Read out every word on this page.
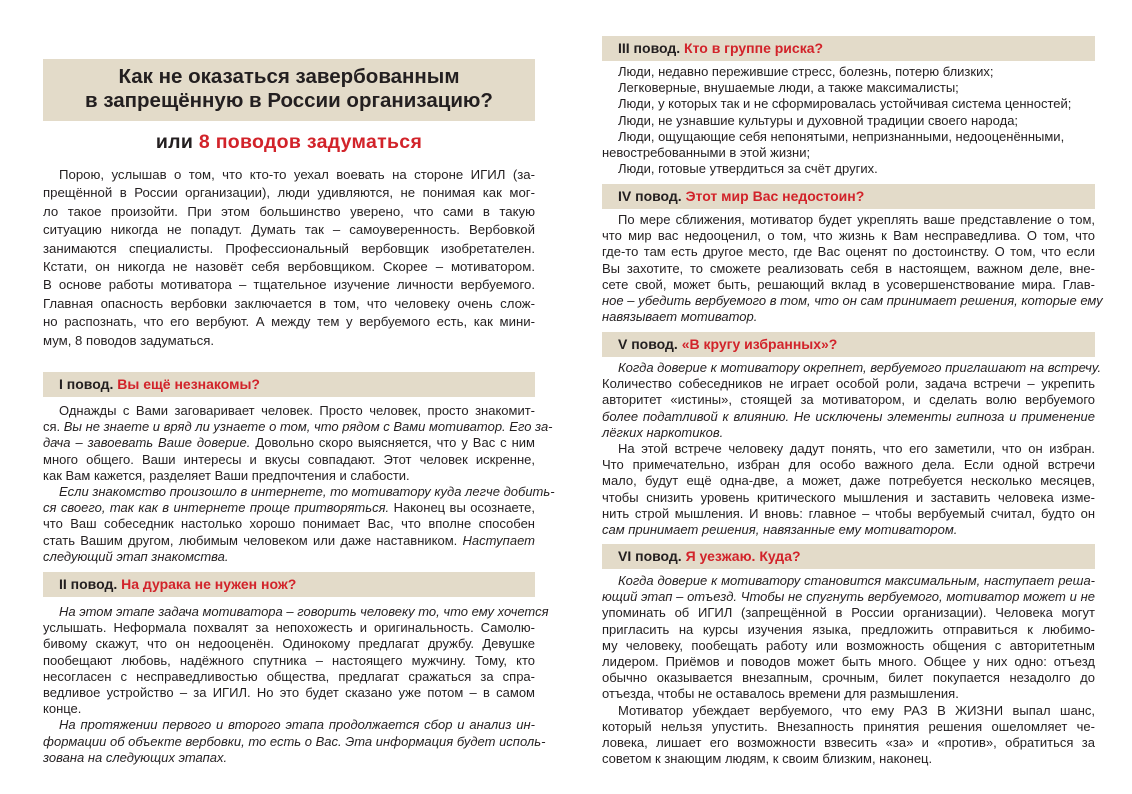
Как не оказаться завербованным
в запрещённую в России организацию?
или 8 поводов задуматься
Порою, услышав о том, что кто-то уехал воевать на стороне ИГИЛ (за-
прещённой в России организации), люди удивляются, не понимая как мог-
ло такое произойти. При этом большинство уверено, что сами в такую
ситуацию никогда не попадут. Думать так – самоуверенность. Вербовкой
занимаются специалисты. Профессиональный вербовщик изобретателен.
Кстати, он никогда не назовёт себя вербовщиком. Скорее – мотиватором.
В основе работы мотиватора – тщательное изучение личности вербуемого.
Главная опасность вербовки заключается в том, что человеку очень слож-
но распознать, что его вербуют. А между тем у вербуемого есть, как мини-
мум, 8 поводов задуматься.
I повод. Вы ещё незнакомы?
Однажды с Вами заговаривает человек. Просто человек, просто знакомит-
ся. Вы не знаете и вряд ли узнаете о том, что рядом с Вами мотиватор. Его за-
дача – завоевать Ваше доверие. Довольно скоро выясняется, что у Вас с ним
много общего. Ваши интересы и вкусы совпадают. Этот человек искренне,
как Вам кажется, разделяет Ваши предпочтения и слабости.
Если знакомство произошло в интернете, то мотиватору куда легче добить-
ся своего, так как в интернете проще притворяться. Наконец вы осознаете,
что Ваш собеседник настолько хорошо понимает Вас, что вполне способен
стать Вашим другом, любимым человеком или даже наставником. Наступает
следующий этап знакомства.
II повод. На дурака не нужен нож?
На этом этапе задача мотиватора – говорить человеку то, что ему хочется
услышать. Неформала похвалят за непохожесть и оригинальность. Самолю-
бивому скажут, что он недооценён. Одинокому предлагат дружбу. Девушке
пообещают любовь, надёжного спутника – настоящего мужчину. Тому, кто
несогласен с несправедливостью общества, предлагат сражаться за спра-
ведливое устройство – за ИГИЛ. Но это будет сказано уже потом – в самом
конце.
На протяжении первого и второго этапа продолжается сбор и анализ ин-
формации об объекте вербовки, то есть о Вас. Эта информация будет исполь-
зована на следующих этапах.
III повод. Кто в группе риска?
Люди, недавно пережившие стресс, болезнь, потерю близких;
Легковерные, внушаемые люди, а также максималисты;
Люди, у которых так и не сформировалась устойчивая система ценностей;
Люди, не узнавшие культуры и духовной традиции своего народа;
Люди, ощущающие себя непонятыми, непризнанными, недооценёнными,
невостребованными в этой жизни;
Люди, готовые утвердиться за счёт других.
IV повод. Этот мир Вас недостоин?
По мере сближения, мотиватор будет укреплять ваше представление о том,
что мир вас недооценил, о том, что жизнь к Вам несправедлива. О том, что
где-то там есть другое место, где Вас оценят по достоинству. О том, что если
Вы захотите, то сможете реализовать себя в настоящем, важном деле, внe-
сете свой, может быть, решающий вклад в усовершенствование мира. Глав-
ное – убедить вербуемого в том, что он сам принимает решения, которые ему
навязывает мотиватор.
V повод. «В кругу избранных»?
Когда доверие к мотиватору окрепнет, вербуемого приглашают на встречу.
Количество собеседников не играет особой роли, задача встречи – укрепить
авторитет «истины», стоящей за мотиватором, и сделать волю вербуемого
более податливой к влиянию. Не исключены элементы гипноза и применение
лёгких наркотиков.
На этой встрече человеку дадут понять, что его заметили, что он избран.
Что примечательно, избран для особо важного дела. Если одной встречи
мало, будут ещё одна-две, а может, даже потребуется несколько месяцев,
чтобы снизить уровень критического мышления и заставить человека изме-
нить строй мышления. И вновь: главное – чтобы вербуемый считал, будто он
сам принимает решения, навязанные ему мотиватором.
VI повод. Я уезжаю. Куда?
Когда доверие к мотиватору становится максимальным, наступает реша-
ющий этап – отъезд. Чтобы не спугнуть вербуемого, мотиватор может и не
упоминать об ИГИЛ (запрещённой в России организации). Человека могут
пригласить на курсы изучения языка, предложить отправиться к любимо-
му человеку, пообещать работу или возможность общения с авторитетным
лидером. Приёмов и поводов может быть много. Общее у них одно: отъезд
обычно оказывается внезапным, срочным, билет покупается незадолго до
отъезда, чтобы не оставалось времени для размышления.
Мотиватор убеждает вербуемого, что ему РАЗ В ЖИЗНИ выпал шанс,
который нельзя упустить. Внезапность принятия решения ошеломляет че-
ловека, лишает его возможности взвесить «за» и «против», обратиться за
советом к знающим людям, к своим близким, наконец.
